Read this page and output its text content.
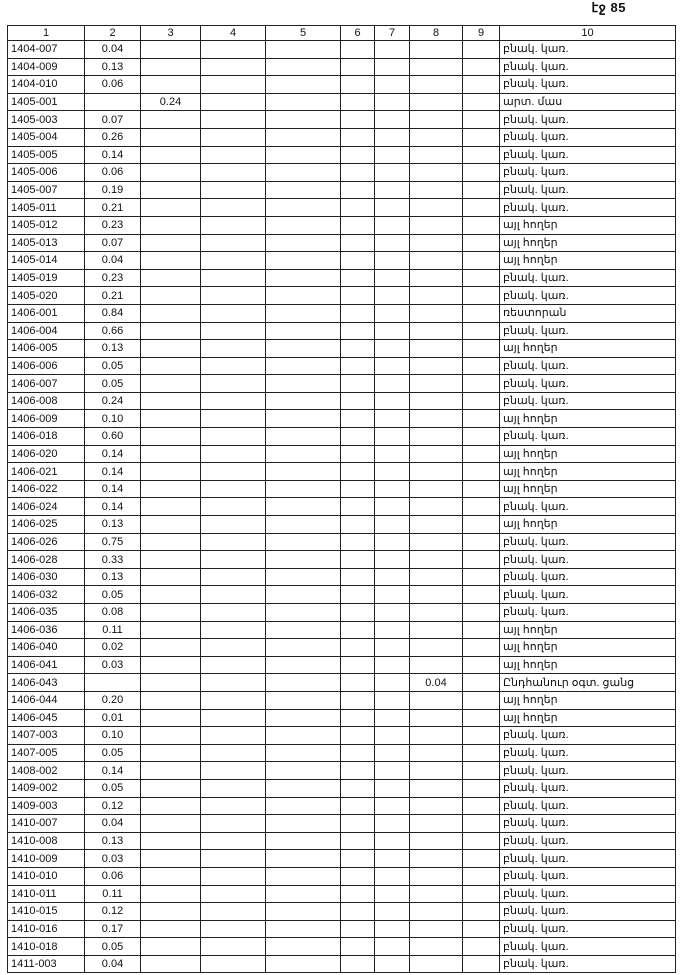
էջ 85
1	2	3	4	5	6	7	8	9	10
1404-007	0.04								բնակ. կառ.
1404-009	0.13								բնակ. կառ.
1404-010	0.06								բնակ. կառ.
1405-001		0.24							արտ. մաս
1405-003	0.07								բնակ. կառ.
1405-004	0.26								բնակ. կառ.
1405-005	0.14								բնակ. կառ.
1405-006	0.06								բնակ. կառ.
1405-007	0.19								բնակ. կառ.
1405-011	0.21								բնակ. կառ.
1405-012	0.23								այլ հողեր
1405-013	0.07								այլ հողեր
1405-014	0.04								այլ հողեր
1405-019	0.23								բնակ. կառ.
1405-020	0.21								բնակ. կառ.
1406-001	0.84								ռեստորան
1406-004	0.66								բնակ. կառ.
1406-005	0.13								այլ հողեր
1406-006	0.05								բնակ. կառ.
1406-007	0.05								բնակ. կառ.
1406-008	0.24								բնակ. կառ.
1406-009	0.10								այլ հողեր
1406-018	0.60								բնակ. կառ.
1406-020	0.14								այլ հողեր
1406-021	0.14								այլ հողեր
1406-022	0.14								այլ հողեր
1406-024	0.14								բնակ. կառ.
1406-025	0.13								այլ հողեր
1406-026	0.75								բնակ. կառ.
1406-028	0.33								բնակ. կառ.
1406-030	0.13								բնակ. կառ.
1406-032	0.05								բնակ. կառ.
1406-035	0.08								բնակ. կառ.
1406-036	0.11								այլ հողեր
1406-040	0.02								այլ հողեր
1406-041	0.03								այլ հողեր
1406-043							0.04		Ընդհանուր օգտ. ցանց
1406-044	0.20								այլ հողեր
1406-045	0.01								այլ հողեր
1407-003	0.10								բնակ. կառ.
1407-005	0.05								բնակ. կառ.
1408-002	0.14								բնակ. կառ.
1409-002	0.05								բնակ. կառ.
1409-003	0.12								բնակ. կառ.
1410-007	0.04								բնակ. կառ.
1410-008	0.13								բնակ. կառ.
1410-009	0.03								բնակ. կառ.
1410-010	0.06								բնակ. կառ.
1410-011	0.11								բնակ. կառ.
1410-015	0.12								բնակ. կառ.
1410-016	0.17								բնակ. կառ.
1410-018	0.05								բնակ. կառ.
1411-003	0.04								բնակ. կառ.
